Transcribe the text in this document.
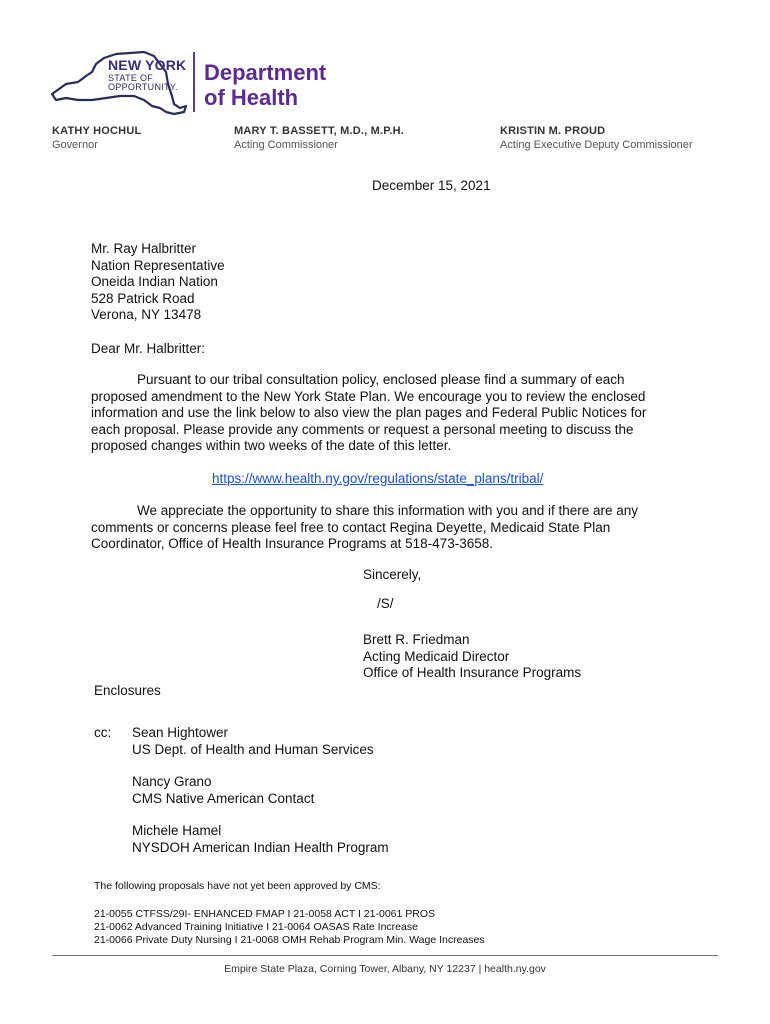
NEW YORK
STATE OF
OPPORTUNITY.
Department
of Health
KATHY HOCHUL
Governor
MARY T. BASSETT, M.D., M.P.H.
Acting Commissioner
KRISTIN M. PROUD
Acting Executive Deputy Commissioner
December 15, 2021
Mr. Ray Halbritter
Nation Representative
Oneida Indian Nation
528 Patrick Road
Verona, NY 13478
Dear Mr. Halbritter:
Pursuant to our tribal consultation policy, enclosed please find a summary of each
proposed amendment to the New York State Plan. We encourage you to review the enclosed
information and use the link below to also view the plan pages and Federal Public Notices for
each proposal. Please provide any comments or request a personal meeting to discuss the
proposed changes within two weeks of the date of this letter.
https://www.health.ny.gov/regulations/state_plans/tribal/
We appreciate the opportunity to share this information with you and if there are any
comments or concerns please feel free to contact Regina Deyette, Medicaid State Plan
Coordinator, Office of Health Insurance Programs at 518-473-3658.
Sincerely,
/S/
Brett R. Friedman
Acting Medicaid Director
Office of Health Insurance Programs
Enclosures
cc: Sean Hightower
US Dept. of Health and Human Services
Nancy Grano
CMS Native American Contact
Michele Hamel
NYSDOH American Indian Health Program
The following proposals have not yet been approved by CMS:
21-0055 CTFSS/29I- ENHANCED FMAP I 21-0058 ACT I 21-0061 PROS
21-0062 Advanced Training Initiative I 21-0064 OASAS Rate Increase
21-0066 Private Duty Nursing I 21-0068 OMH Rehab Program Min. Wage Increases
Empire State Plaza, Corning Tower, Albany, NY 12237 | health.ny.gov
